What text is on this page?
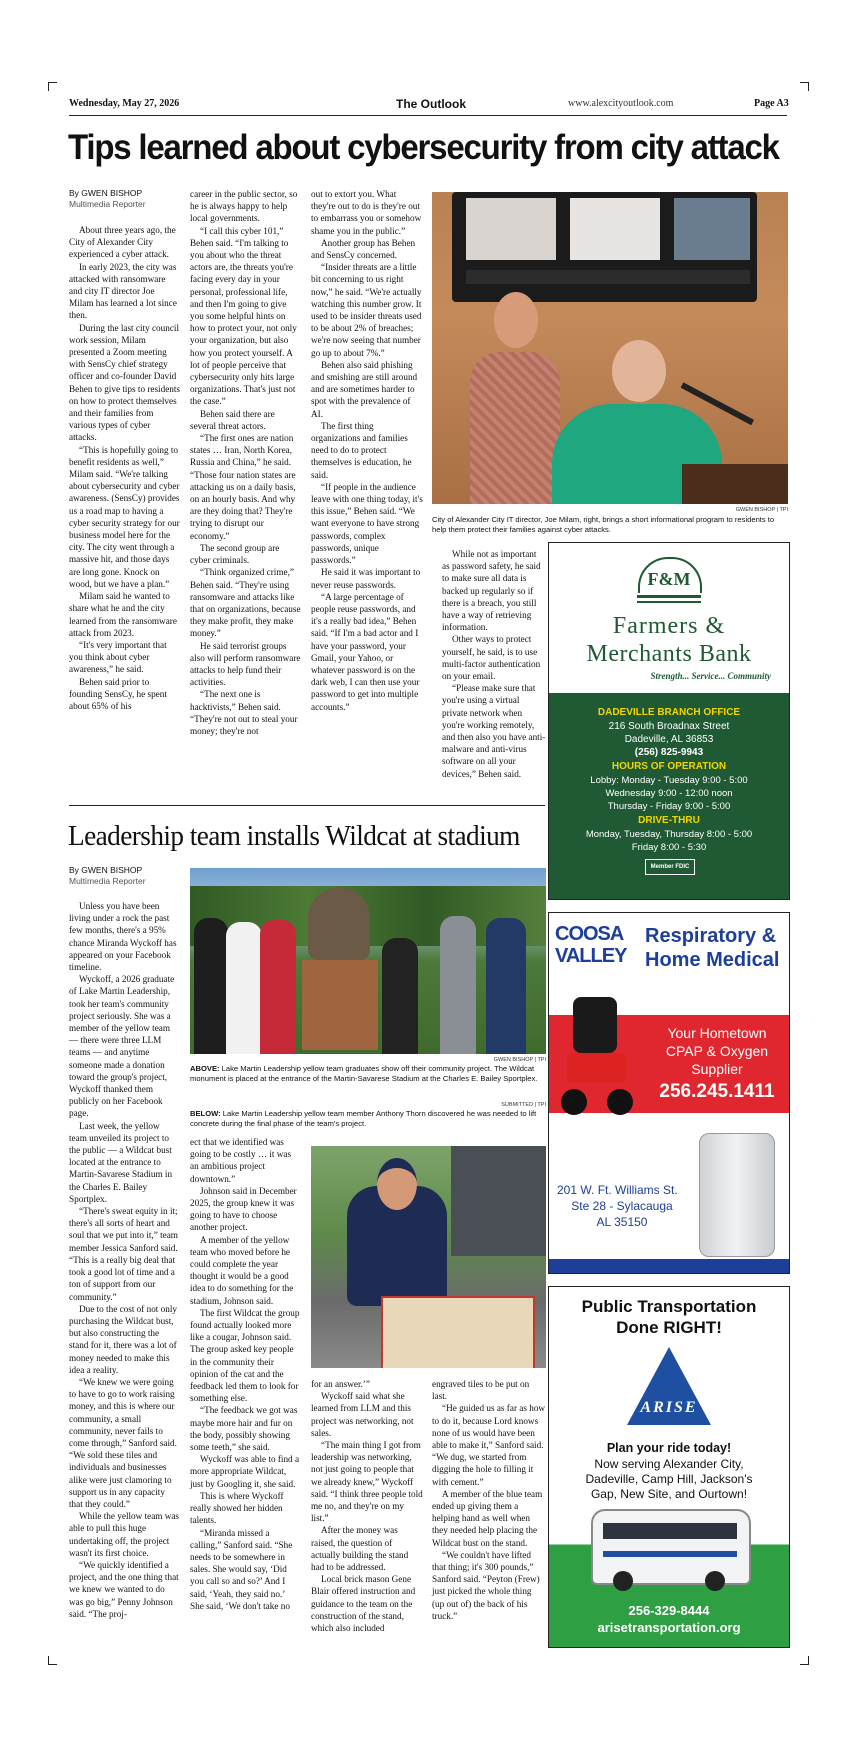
Wednesday, May 27, 2026	The Outlook	www.alexcityoutlook.com	Page A3
Tips learned about cybersecurity from city attack
By GWEN BISHOP
Multimedia Reporter

About three years ago, the City of Alexander City experienced a cyber attack.

In early 2023, the city was attacked with ransomware and city IT director Joe Milam has learned a lot since then.

During the last city council work session, Milam presented a Zoom meeting with SensCy chief strategy officer and co-founder David Behen to give tips to residents on how to protect themselves and their families from various types of cyber attacks.

“This is hopefully going to benefit residents as well,” Milam said. “We're talking about cybersecurity and cyber awareness. (SensCy) provides us a road map to having a cyber security strategy for our business model here for the city. The city went through a massive hit, and those days are long gone. Knock on wood, but we have a plan.”

Milam said he wanted to share what he and the city learned from the ransomware attack from 2023.

“It's very important that you think about cyber awareness,” he said.

Behen said prior to founding SensCy, he spent about 65% of his

career in the public sector, so he is always happy to help local governments.

“I call this cyber 101,” Behen said. “I'm talking to you about who the threat actors are, the threats you're facing every day in your personal, professional life, and then I'm going to give you some helpful hints on how to protect your, not only your organization, but also how you protect yourself. A lot of people perceive that cybersecurity only hits large organizations. That's just not the case.”

Behen said there are several threat actors.

“The first ones are nation states … Iran, North Korea, Russia and China,” he said. “Those four nation states are attacking us on a daily basis, on an hourly basis. And why are they doing that? They're trying to disrupt our economy.”

The second group are cyber criminals.

“Think organized crime,” Behen said. “They're using ransomware and attacks like that on organizations, because they make profit, they make money.”

He said terrorist groups also will perform ransomware attacks to help fund their activities.

“The next one is hacktivists,” Behen said. “They're not out to steal your money; they're not

out to extort you. What they're out to do is they're out to embarrass you or somehow shame you in the public.”

Another group has Behen and SensCy concerned.

“Insider threats are a little bit concerning to us right now,” he said. “We're actually watching this number grow. It used to be insider threats used to be about 2% of breaches; we're now seeing that number go up to about 7%.”

Behen also said phishing and smishing are still around and are sometimes harder to spot with the prevalence of AI.

The first thing organizations and families need to do to protect themselves is education, he said.

“If people in the audience leave with one thing today, it's this issue,” Behen said. “We want everyone to have strong passwords, complex passwords, unique passwords.”

He said it was important to never reuse passwords.

“A large percentage of people reuse passwords, and it's a really bad idea,” Behen said. “If I'm a bad actor and I have your password, your Gmail, your Yahoo, or whatever password is on the dark web, I can then use your password to get into multiple accounts.”

While not as important as password safety, he said to make sure all data is backed up regularly so if there is a breach, you still have a way of retrieving information.

Other ways to protect yourself, he said, is to use multi-factor authentication on your email.

“Please make sure that you're using a virtual private network when you're working remotely, and then also you have anti-malware and anti-virus software on all your devices,” Behen said.

GWEN BISHOP | TPI
City of Alexander City IT director, Joe Milam, right, brings a short informational program to residents to help them protect their families against cyber attacks.
F&M
Farmers &
Merchants Bank
Strength... Service... Community
DADEVILLE BRANCH OFFICE
216 South Broadnax Street
Dadeville, AL 36853
(256) 825-9943
HOURS OF OPERATION
Lobby: Monday - Tuesday 9:00 - 5:00
Wednesday 9:00 - 12:00 noon
Thursday - Friday 9:00 - 5:00
DRIVE-THRU
Monday, Tuesday, Thursday 8:00 - 5:00
Friday 8:00 - 5:30
Member FDIC
Leadership team installs Wildcat at stadium
By GWEN BISHOP
Multimedia Reporter

Unless you have been living under a rock the past few months, there's a 95% chance Miranda Wyckoff has appeared on your Facebook timeline.

Wyckoff, a 2026 graduate of Lake Martin Leadership, took her team's community project seriously. She was a member of the yellow team — there were three LLM teams — and anytime someone made a donation toward the group's project, Wyckoff thanked them publicly on her Facebook page.

Last week, the yellow team unveiled its project to the public — a Wildcat bust located at the entrance to Martin-Savarese Stadium in the Charles E. Bailey Sportplex.

“There's sweat equity in it; there's all sorts of heart and soul that we put into it,” team member Jessica Sanford said. “This is a really big deal that took a good lot of time and a ton of support from our community.”

Due to the cost of not only purchasing the Wildcat bust, but also constructing the stand for it, there was a lot of money needed to make this idea a reality.

“We knew we were going to have to go to work raising money, and this is where our community, a small community, never fails to come through,” Sanford said. “We sold these tiles and individuals and businesses alike were just clamoring to support us in any capacity that they could.”

While the yellow team was able to pull this huge undertaking off, the project wasn't its first choice.

“We quickly identified a project, and the one thing that we knew we wanted to do was go big,” Penny Johnson said. “The proj-

ect that we identified was going to be costly … it was an ambitious project downtown.”

Johnson said in December 2025, the group knew it was going to have to choose another project.

A member of the yellow team who moved before he could complete the year thought it would be a good idea to do something for the stadium, Johnson said.

The first Wildcat the group found actually looked more like a cougar, Johnson said. The group asked key people in the community their opinion of the cat and the feedback led them to look for something else.

“The feedback we got was maybe more hair and fur on the body, possibly showing some teeth,” she said.

Wyckoff was able to find a more appropriate Wildcat, just by Googling it, she said.

This is where Wyckoff really showed her hidden talents.

“Miranda missed a calling,” Sanford said. “She needs to be somewhere in sales. She would say, ‘Did you call so and so?’ And I said, ‘Yeah, they said no.’ She said, ‘We don't take no

for an answer.’”

Wyckoff said what she learned from LLM and this project was networking, not sales.

“The main thing I got from leadership was networking, not just going to people that we already knew,” Wyckoff said. “I think three people told me no, and they're on my list.”

After the money was raised, the question of actually building the stand had to be addressed.

Local brick mason Gene Blair offered instruction and guidance to the team on the construction of the stand, which also included

engraved tiles to be put on last.

“He guided us as far as how to do it, because Lord knows none of us would have been able to make it,” Sanford said. “We dug, we started from digging the hole to filling it with cement.”

A member of the blue team ended up giving them a helping hand as well when they needed help placing the Wildcat bust on the stand.

“We couldn't have lifted that thing; it's 300 pounds,” Sanford said. “Peyton (Frew) just picked the whole thing (up out of) the back of his truck.”

GWEN BISHOP | TPI
ABOVE: Lake Martin Leadership yellow team graduates show off their community project. The Wildcat monument is placed at the entrance of the Martin-Savarese Stadium at the Charles E. Bailey Sportplex.
SUBMITTED | TPI
BELOW: Lake Martin Leadership yellow team member Anthony Thorn discovered he was needed to lift concrete during the final phase of the team's project.
COOSA
VALLEY
Respiratory &
Home Medical
Your Hometown
CPAP & Oxygen
Supplier
256.245.1411
201 W. Ft. Williams St.
Ste 28 - Sylacauga
AL 35150
Public Transportation
Done RIGHT!
ARISE
Plan your ride today!
Now serving Alexander City,
Dadeville, Camp Hill, Jackson's
Gap, New Site, and Ourtown!
256-329-8444
arisetransportation.org
